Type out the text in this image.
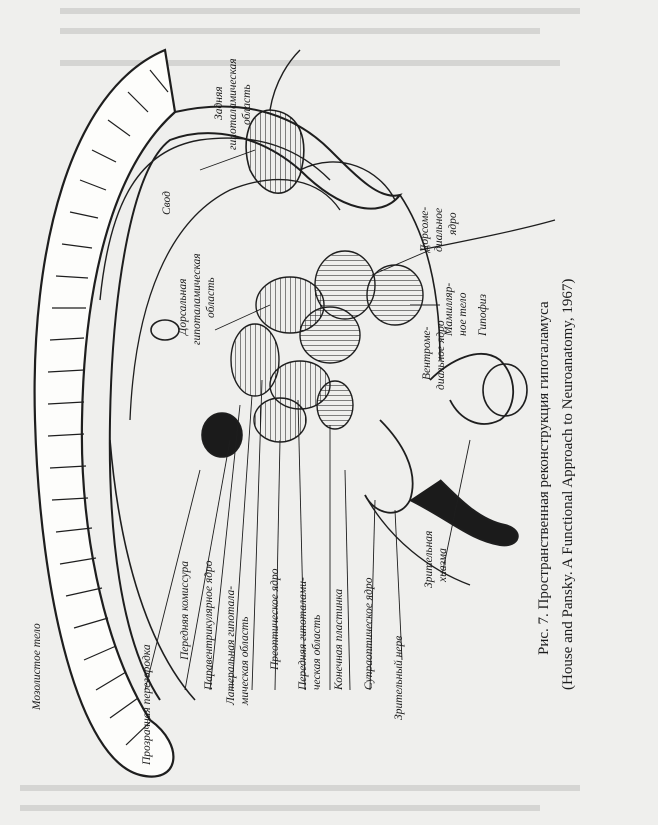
Мозолистое тело	Прозрачная перегородка
Передняя комиссура Паравентрикулярное ядро Латеральная гипотала- мическая область Преоптическое ядро Передняя гипоталами- ческая область Конечная пластинка Супраоптическое ядро Зрительный нерв
Зрительная хиазма
Гипофиз
Вентроме- диальное ядро
Мамилляр- ное тело
Дорсоме- диальное ядро
Дорсальная гипоталамическая область
Задняя гипоталамическая область
Свод
Рис. 7. Пространственная реконструкция гипоталамуса (House and Pansky. A Functional Approach to Neuroanatomy, 1967)
